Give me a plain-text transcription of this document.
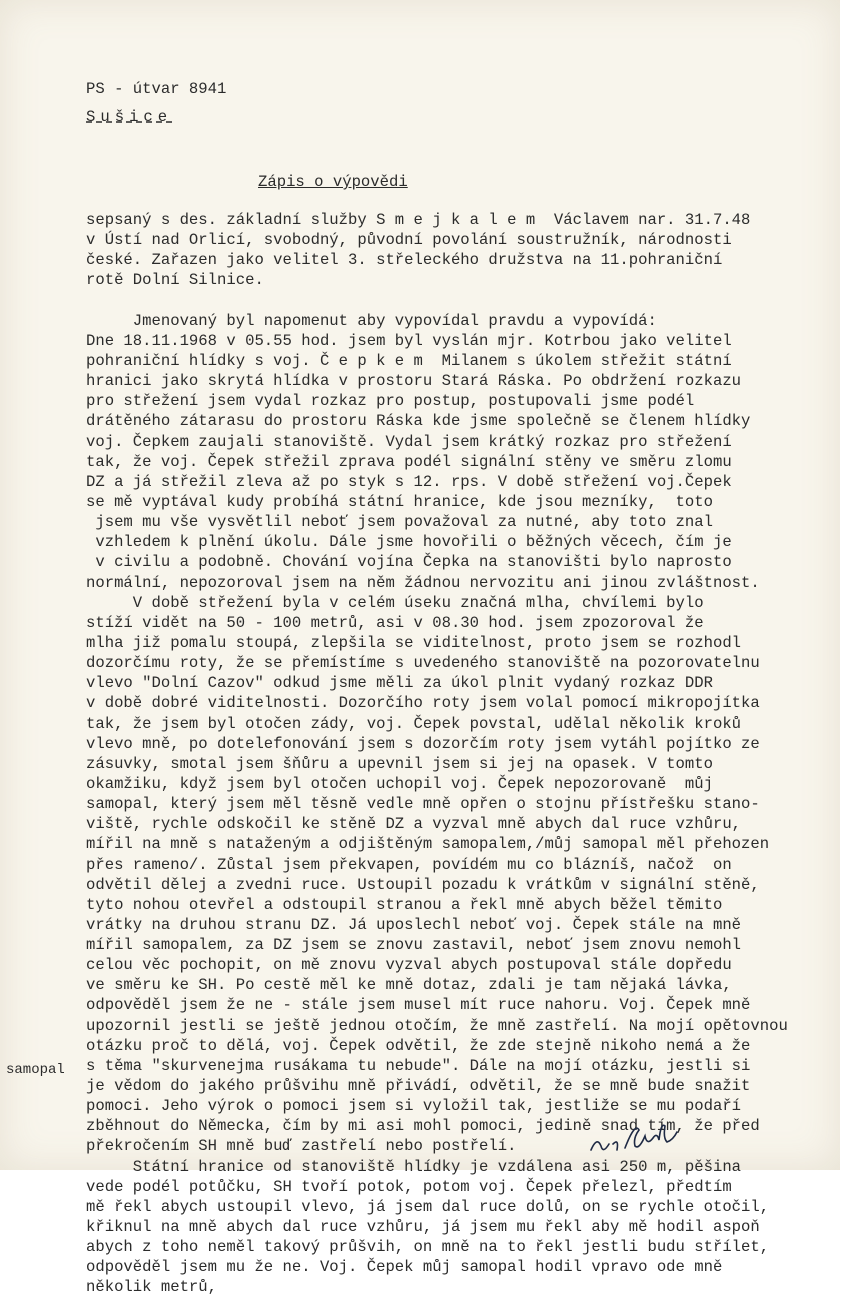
PS - útvar 8941
Sušice
Zápis o výpovědi
sepsaný s des. základní služby S m e j k a l e m  Václavem nar. 31.7.48
v Ústí nad Orlicí, svobodný, původní povolání soustružník, národnosti
české. Zařazen jako velitel 3. střeleckého družstva na 11.pohraniční
rotě Dolní Silnice.
Jmenovaný byl napomenut aby vypovídal pravdu a vypovídá:
Dne 18.11.1968 v 05.55 hod. jsem byl vyslán mjr. Kotrbou jako velitel
pohraniční hlídky s voj. Č e p k e m  Milanem s úkolem střežit státní
hranici jako skrytá hlídka v prostoru Stará Ráska. Po obdržení rozkazu
pro střežení jsem vydal rozkaz pro postup, postupovali jsme podél
drátěného zátarasu do prostoru Ráska kde jsme společně se členem hlídky
voj. Čepkem zaujali stanoviště. Vydal jsem krátký rozkaz pro střežení
tak, že voj. Čepek střežil zprava podél signální stěny ve směru zlomu
DZ a já střežil zleva až po styk s 12. rps. V době střežení voj.Čepek
se mě vyptával kudy probíhá státní hranice, kde jsou mezníky,  toto
jsem mu vše vysvětlil neboť jsem považoval za nutné, aby toto znal
vzhledem k plnění úkolu. Dále jsme hovořili o běžných věcech, čím je
v civilu a podobně. Chování vojína Čepka na stanovišti bylo naprosto
normální, nepozoroval jsem na něm žádnou nervozitu ani jinou zvláštnost.
V době střežení byla v celém úseku značná mlha, chvílemi bylo
stíží vidět na 50 - 100 metrů, asi v 08.30 hod. jsem zpozoroval že
mlha již pomalu stoupá, zlepšila se viditelnost, proto jsem se rozhodl
dozorčímu roty, že se přemístíme s uvedeného stanoviště na pozorovatelnu
vlevo "Dolní Cazov" odkud jsme měli za úkol plnit vydaný rozkaz DDR
v době dobré viditelnosti. Dozorčího roty jsem volal pomocí mikropojítka
tak, že jsem byl otočen zády, voj. Čepek povstal, udělal několik kroků
vlevo mně, po dotelefonování jsem s dozorčím roty jsem vytáhl pojítko ze
zásuvky, smotal jsem šňůru a upevnil jsem si jej na opasek. V tomto
okamžiku, když jsem byl otočen uchopil voj. Čepek nepozorovaně  můj
samopal, který jsem měl těsně vedle mně opřen o stojnu přístřešku stano-
viště, rychle odskočil ke stěně DZ a vyzval mně abych dal ruce vzhůru,
mířil na mně s nataženým a odjištěným samopalem,/můj samopal měl přehozen
přes rameno/. Zůstal jsem překvapen, povídém mu co blázníš, načož  on
odvětil dělej a zvedni ruce. Ustoupil pozadu k vrátkům v signální stěně,
tyto nohou otevřel a odstoupil stranou a řekl mně abych běžel těmito
vrátky na druhou stranu DZ. Já uposlechl neboť voj. Čepek stále na mně
mířil samopalem, za DZ jsem se znovu zastavil, neboť jsem znovu nemohl
celou věc pochopit, on mě znovu vyzval abych postupoval stále dopředu
ve směru ke SH. Po cestě měl ke mně dotaz, zdali je tam nějaká lávka,
odpověděl jsem že ne - stále jsem musel mít ruce nahoru. Voj. Čepek mně
upozornil jestli se ještě jednou otočím, že mně zastřelí. Na mojí opětovnou
otázku proč to dělá, voj. Čepek odvětil, že zde stejně nikoho nemá a že
s těma "skurvenejma rusákama tu nebude". Dále na mojí otázku, jestli si
je vědom do jakého průšvihu mně přivádí, odvětil, že se mně bude snažit
pomoci. Jeho výrok o pomoci jsem si vyložil tak, jestliže se mu podaří
zběhnout do Německa, čím by mi asi mohl pomoci, jedině snad tím, že před
překročením SH mně buď zastřelí nebo postřelí.
Státní hranice od stanoviště hlídky je vzdálena asi 250 m, pěšina
vede podél potůčku, SH tvoří potok, potom voj. Čepek přelezl, předtím
mě řekl abych ustoupil vlevo, já jsem dal ruce dolů, on se rychle otočil,
křiknul na mně abych dal ruce vzhůru, já jsem mu řekl aby mě hodil aspoň
abych z toho neměl takový průšvih, on mně na to řekl jestli budu střílet,
odpověděl jsem mu že ne. Voj. Čepek můj samopal hodil vpravo ode mně
několik metrů,
samopal
